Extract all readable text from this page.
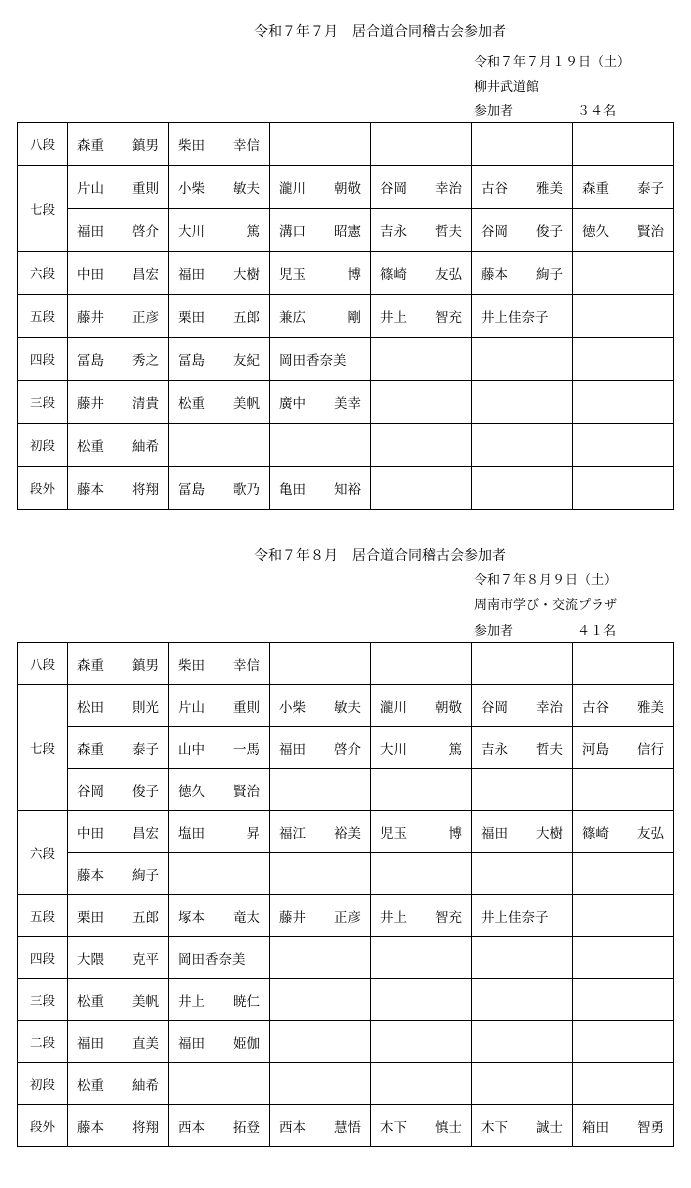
令和７年７月　居合道合同稽古会参加者
令和７年７月１９日（土）
柳井武道館
参加者	３４名
八段	森重 鎮男	柴田 幸信				

七段	片山 重則	小柴 敏夫	瀧川 朝敬	谷岡 幸治	古谷 雅美	森重 泰子

	福田 啓介	大川 篤	溝口 昭憲	吉永 哲夫	谷岡 俊子	徳久 賢治

六段	中田 昌宏	福田 大樹	児玉 博	篠崎 友弘	藤本 絢子	

五段	藤井 正彦	栗田 五郎	兼広 剛	井上 智充	井上佳奈子	

四段	冨島 秀之	冨島 友紀	岡田香奈美			

三段	藤井 清貴	松重 美帆	廣中 美幸			

初段	松重 紬希					

段外	藤本 将翔	冨島 歌乃	亀田 知裕			

令和７年８月　居合道合同稽古会参加者
令和７年８月９日（土）
周南市学び・交流プラザ
参加者	４１名
八段	森重 鎮男	柴田 幸信				

七段	松田 則光	片山 重則	小柴 敏夫	瀧川 朝敬	谷岡 幸治	古谷 雅美

	森重 泰子	山中 一馬	福田 啓介	大川 篤	吉永 哲夫	河島 信行

	谷岡 俊子	徳久 賢治				

六段	中田 昌宏	塩田 昇	福江 裕美	児玉 博	福田 大樹	篠崎 友弘

	藤本 絢子					

五段	栗田 五郎	塚本 竜太	藤井 正彦	井上 智充	井上佳奈子	

四段	大隈 克平	岡田香奈美				

三段	松重 美帆	井上 暁仁				

二段	福田 直美	福田 姫伽				

初段	松重 紬希					

段外	藤本 将翔	西本 拓登	西本 慧悟	木下 慎士	木下 誠士	箱田 智勇
